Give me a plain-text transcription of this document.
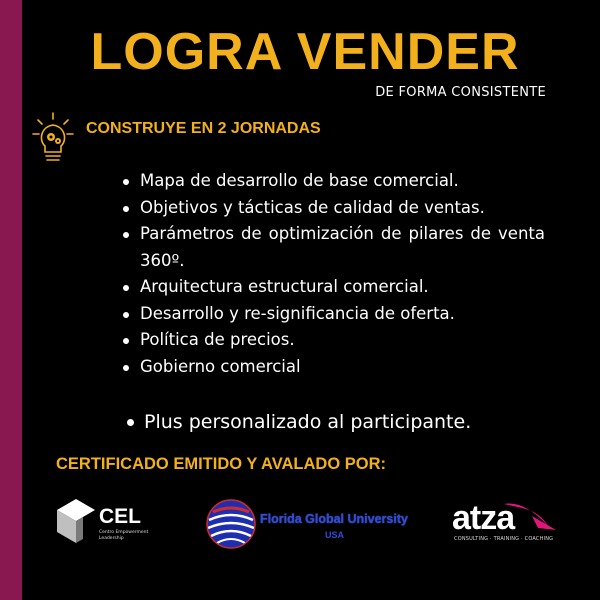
LOGRA VENDER
DE FORMA CONSISTENTE
CONSTRUYE EN 2 JORNADAS
Mapa de desarrollo de base comercial.
Objetivos y tácticas de calidad de ventas.
Parámetros de optimización de pilares de venta 360º.
Arquitectura estructural comercial.
Desarrollo y re-significancia de oferta.
Política de precios.
Gobierno comercial
Plus personalizado al participante.
CERTIFICADO EMITIDO Y AVALADO POR:
CEL
Centro Empowerment Leadership
Florida Global University
USA	atza
CONSULTING · TRAINING · COACHING
